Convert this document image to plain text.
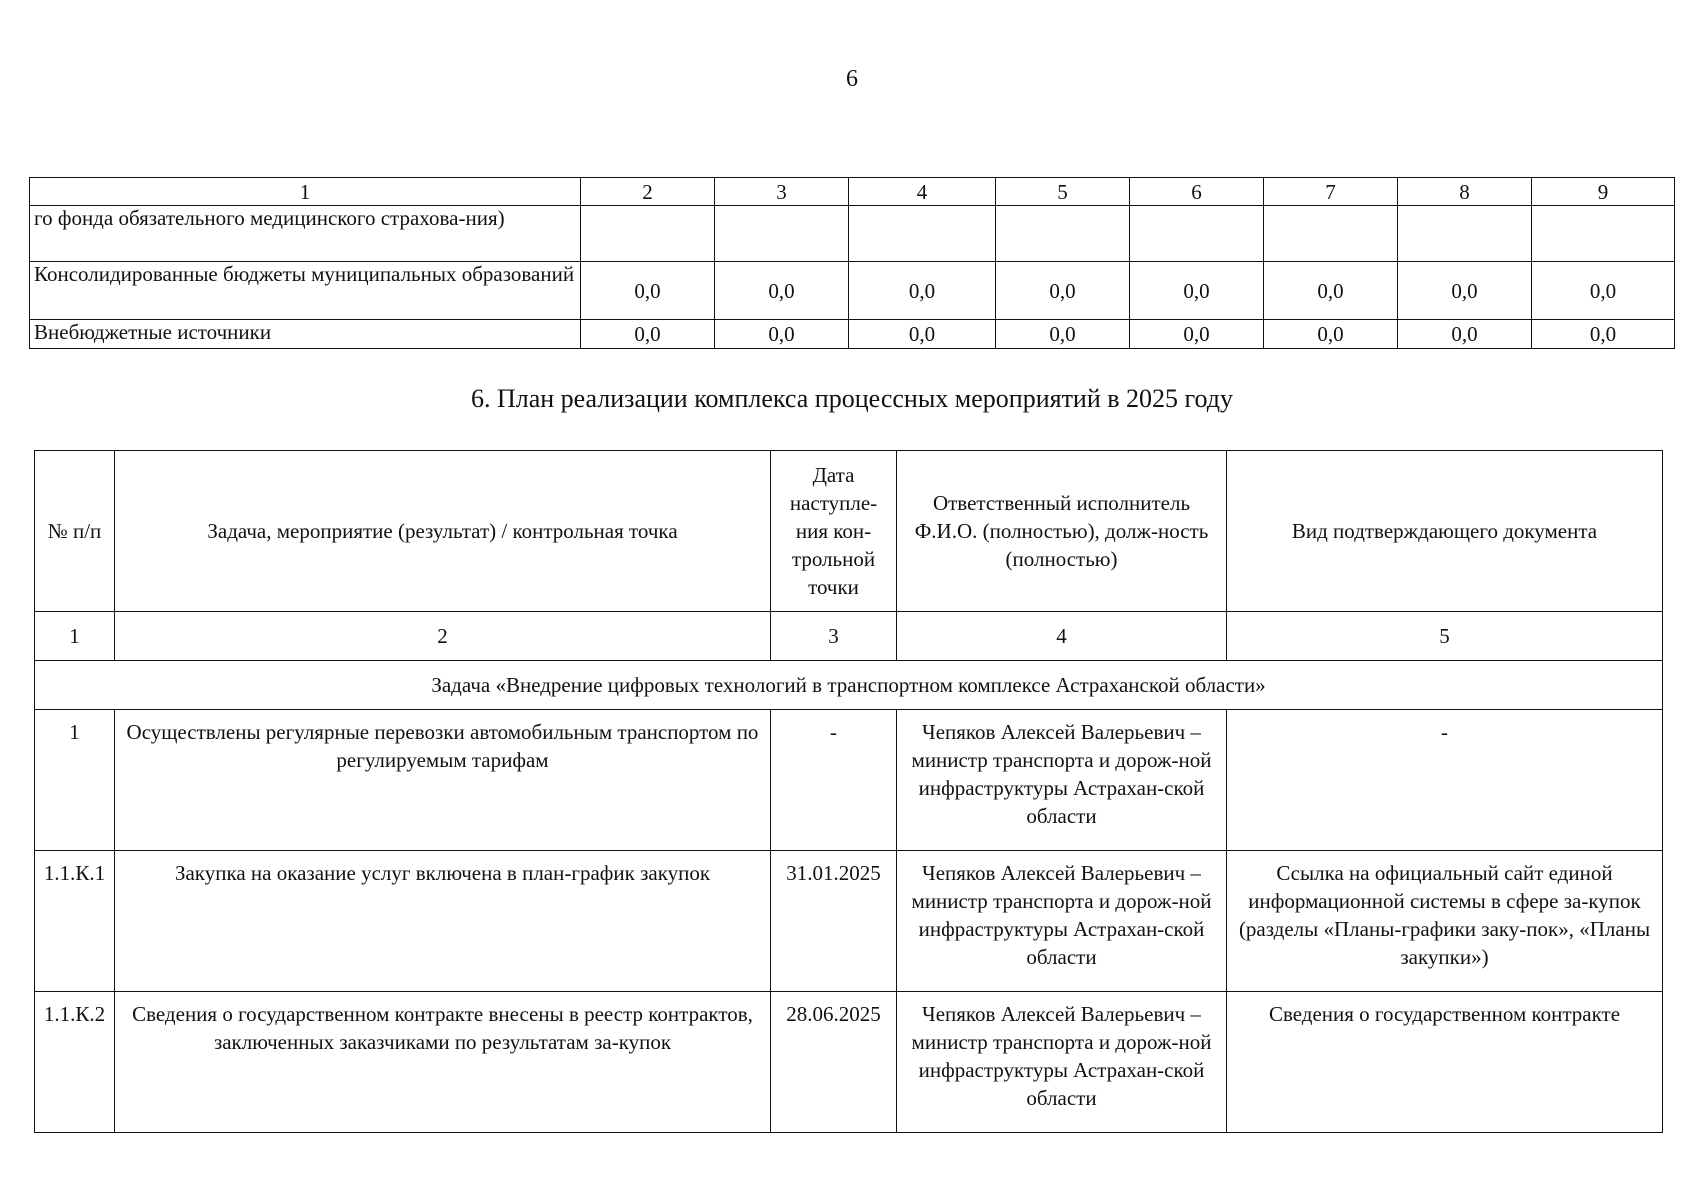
6
1	2	3	4	5	6	7	8	9
го фонда обязательного медицинского страхова-ния)								
Консолидированные бюджеты муниципальных образований	0,0	0,0	0,0	0,0	0,0	0,0	0,0	0,0
Внебюджетные источники	0,0	0,0	0,0	0,0	0,0	0,0	0,0	0,0
6. План реализации комплекса процессных мероприятий в 2025 году
№ п/п	Задача, мероприятие (результат) / контрольная точка	Дата наступле-ния кон-трольной точки	Ответственный исполнитель Ф.И.О. (полностью), долж-ность (полностью)	Вид подтверждающего документа
1	2	3	4	5
Задача «Внедрение цифровых технологий в транспортном комплексе Астраханской области»				
1	Осуществлены регулярные перевозки автомобильным транспортом по регулируемым тарифам	-	Чепяков Алексей Валерьевич – министр транспорта и дорож-ной инфраструктуры Астрахан-ской области	-
1.1.К.1	Закупка на оказание услуг включена в план-график закупок	31.01.2025	Чепяков Алексей Валерьевич – министр транспорта и дорож-ной инфраструктуры Астрахан-ской области	Ссылка на официальный сайт единой информационной системы в сфере за-купок (разделы «Планы-графики заку-пок», «Планы закупки»)
1.1.К.2	Сведения о государственном контракте внесены в реестр контрактов, заключенных заказчиками по результатам за-купок	28.06.2025	Чепяков Алексей Валерьевич – министр транспорта и дорож-ной инфраструктуры Астрахан-ской области	Сведения о государственном контракте
